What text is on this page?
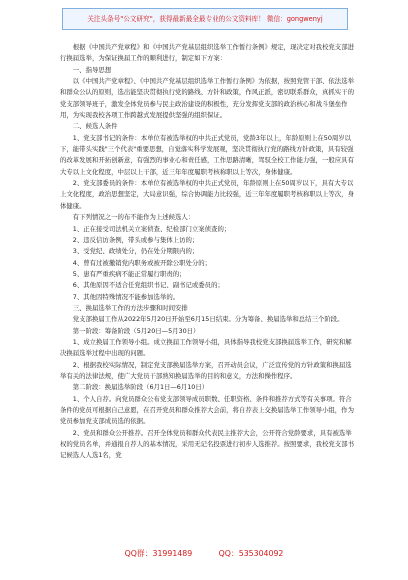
关注头条号"公文研究"，获得最新最全最专业的公文资料库！ 微信：gongwenyj
根据《中国共产党章程》和《中国共产党基层组织选举工作暂行条例》规定，现决定对我校党支部进行换届选举，为保证换届工作的顺利进行，制定如下方案：
一、指导思想
以《中国共产党章程》、《中国共产党基层组织选举工作暂行条例》为依据，按照党管干部、依法选举和群众公认的原则，选出能坚决贯彻执行党的路线、方针和政策，作风正派，密切联系群众，真抓实干的党支部领导班子，激发全体党员参与民主政治建设的积极性，充分发挥党支部的政治核心和战斗堡垒作用，为实现我校各项工作跨越式发展提供坚强的组织保证。
二、候选人条件
1、党支部书记的条件：本单位有被选举权的中共正式党员，党龄3年以上，年龄原则上在50周岁以下，能带头实践"三个代表"重要思想，自觉落实科学发展观，坚决贯彻执行党的路线方针政策，具有较强的改革发展和开拓创新意，有强烈的事业心和责任感，工作思路清晰，驾驭全校工作能力强，一般应具有大专以上文化程度，中层以上干部，近三年年度履职考核称职以上等次，身体健康。
2、党支部委员的条件：本单位有被选举权的中共正式党员，年龄原则上在50周岁以下，具有大专以上文化程度，政治思想坚定，大局意识强，综合协调能力比较强，近三年年度履职考核称职以上等次，身体健康。
有下列情况之一的布不能作为上述候选人：
1、正在接受司法机关立案侦查、纪检部门立案侦查的；
2、违反信访条例，带头或参与集体上访的；
3、受党纪、政绩处分，仍在处分期限内的；
4、曾有过被撤销党内职务或被开除公职处分的；
5、患有严重疾病不能正常履行职责的；
6、其他原因不适合任党组织书记、副书记或委员的；
7、其他因特殊情况不能参加选举的。
三、换届选举工作的方法步骤和时间安排
党支部换届工作从2022年5月20日开始至6月15日结束。分为筹备、换届选举和总结三个阶段。
第一阶段：筹备阶段（5月20日—5月30日）
1、成立换届工作领导小组。成立换届工作领导小组，具体指导我校党支部换届选举工作，研究和解决换届选举过程中出现的问题。
2、根据我校实际情况，制定党支部换届选举方案，召开动员会议，广泛宣传党的方针政策和换届选举有关的法律法规，使广大党员干部熟知换届选举的目的和意义，方法和操作程序。
第二阶段：换届选举阶段（6月1日—6月10日）
1、个人自荐。向党员群众公布党支部领导成员职数、任职资格、条件和推荐方式等有关事项。符合条件的党员可根据自己意愿，在召开党员和群众推荐大会前，将自荐表上交换届选举工作领导小组，作为党员参加党支部成员选的依据。
2、党员和群众公开推荐。召开全体党员和群众代表民主推荐大会，公开符合党龄要求，具有被选举权的党员名单，并通报自荐人的基本情况，采用无记名投票进行初步人选推荐。按照要求，我校党支部书记候选人人选1名，党
QQ群：31991489	QQ：535304092
